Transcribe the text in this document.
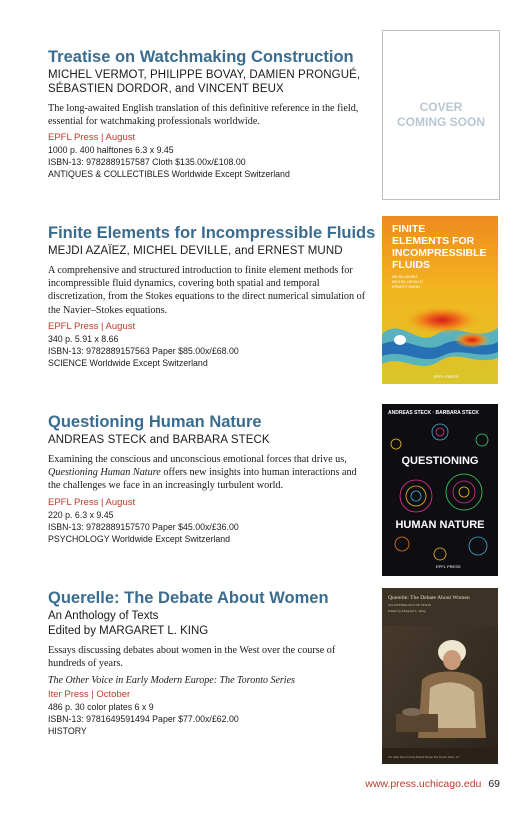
Treatise on Watchmaking Construction

MICHEL VERMOT, PHILIPPE BOVAY, DAMIEN PRONGUÉ,
SÉBASTIEN DORDOR, and VINCENT BEUX

The long-awaited English translation of this definitive reference in the field, essential for watchmaking professionals worldwide.

EPFL Press | August

1000 p. 400 halftones 6.3 x 9.45

ISBN-13: 9782889157587 Cloth $135.00x/£108.00

ANTIQUES & COLLECTIBLES Worldwide Except Switzerland

COVER
COMING SOON
Finite Elements for Incompressible Fluids

MEJDI AZAÏEZ, MICHEL DEVILLE, and ERNEST MUND

A comprehensive and structured introduction to finite element methods for incompressible fluid dynamics, covering both spatial and temporal discretization, from the Stokes equations to the direct numerical simulation of the Navier–Stokes equations.

EPFL Press | August

340 p. 5.91 x 8.66

ISBN-13: 9782889157563 Paper $85.00x/£68.00

SCIENCE Worldwide Except Switzerland

FINITE
ELEMENTS FOR
INCOMPRESSIBLE
FLUIDS
MEJDI AZAÏEZ
MICHEL DEVILLE
ERNEST MUND
EPFL PRESS
Questioning Human Nature

ANDREAS STECK and BARBARA STECK

Examining the conscious and unconscious emotional forces that drive us, Questioning Human Nature offers new insights into human interactions and the challenges we face in an increasingly turbulent world.

EPFL Press | August

220 p. 6.3 x 9.45

ISBN-13: 9782889157570 Paper $45.00x/£36.00

PSYCHOLOGY Worldwide Except Switzerland

ANDREAS STECK · BARBARA STECK
QUESTIONING
HUMAN NATURE
EPFL PRESS
Querelle: The Debate About Women

An Anthology of Texts

Edited by MARGARET L. KING

Essays discussing debates about women in the West over the course of hundreds of years.

The Other Voice in Early Modern Europe: The Toronto Series

Iter Press | October

486 p. 30 color plates 6 x 9

ISBN-13: 9781649591494 Paper $77.00x/£62.00

HISTORY

Querelle: The Debate About Women
AN ANTHOLOGY OF TEXTS
Edited by Margaret L. King
The Other Voice in Early Modern Europe: The Toronto Series, 117
www.press.uchicago.edu 69
